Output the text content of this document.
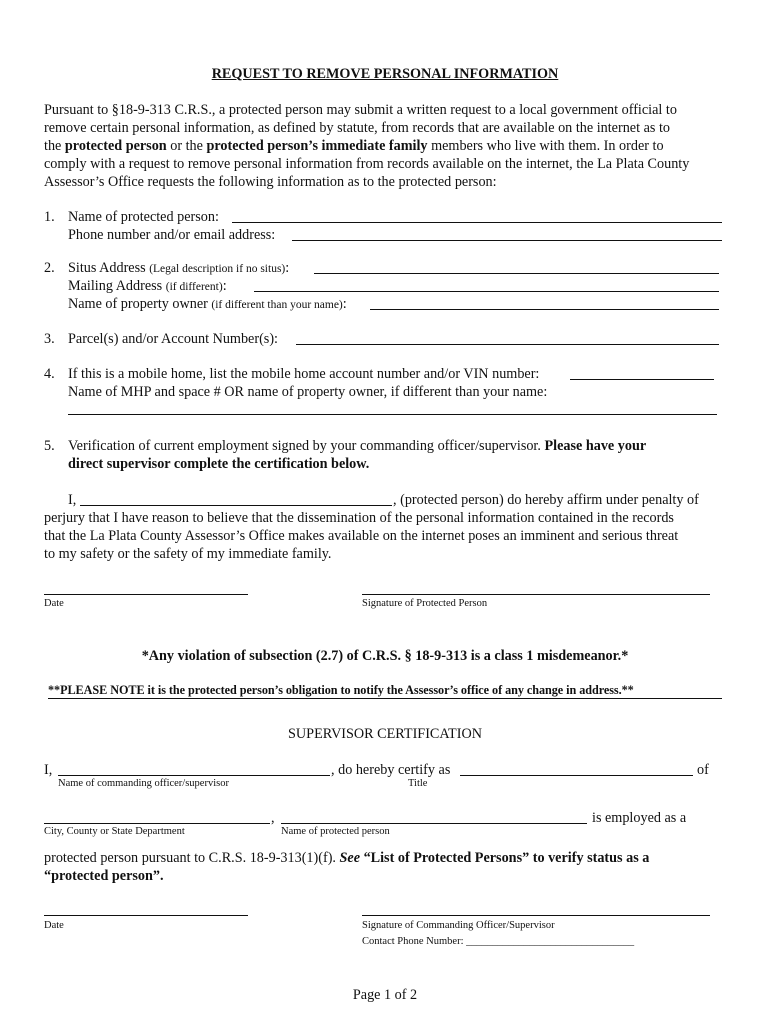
REQUEST TO REMOVE PERSONAL INFORMATION
Pursuant to §18-9-313 C.R.S., a protected person may submit a written request to a local government official to
remove certain personal information, as defined by statute, from records that are available on the internet as to
the protected person or the protected person’s immediate family members who live with them. In order to
comply with a request to remove personal information from records available on the internet, the La Plata County
Assessor’s Office requests the following information as to the protected person:
1. Name of protected person:
Phone number and/or email address:
2. Situs Address (Legal description if no situs):
Mailing Address (if different):
Name of property owner (if different than your name):
3. Parcel(s) and/or Account Number(s):
4. If this is a mobile home, list the mobile home account number and/or VIN number:
Name of MHP and space # OR name of property owner, if different than your name:
5. Verification of current employment signed by your commanding officer/supervisor. Please have your
direct supervisor complete the certification below.
I,	, (protected person) do hereby affirm under penalty of
perjury that I have reason to believe that the dissemination of the personal information contained in the records
that the La Plata County Assessor’s Office makes available on the internet poses an imminent and serious threat
to my safety or the safety of my immediate family.
Date	Signature of Protected Person
*Any violation of subsection (2.7) of C.R.S. § 18-9-313 is a class 1 misdemeanor.*
**PLEASE NOTE it is the protected person’s obligation to notify the Assessor’s office of any change in address.**
SUPERVISOR CERTIFICATION
I,	, do hereby certify as	of
Name of commanding officer/supervisor	Title
,	is employed as a
City, County or State Department	Name of protected person
protected person pursuant to C.R.S. 18-9-313(1)(f). See “List of Protected Persons” to verify status as a
“protected person”.
Date	Signature of Commanding Officer/Supervisor
Contact Phone Number: ________________________________
Page 1 of 2
